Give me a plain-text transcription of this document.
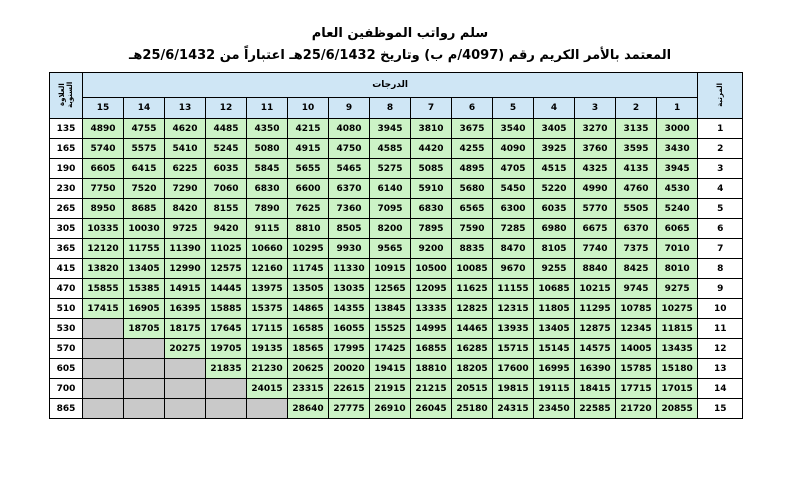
سلم رواتب الموظفين العام
المعتمد بالأمر الكريم رقم (4097/م ب) وتاريخ 25/6/1432هـ اعتباراً من 25/6/1432هـ
العلاوة السنوية	الدرجات															المرتبة
	15	14	13	12	11	10	9	8	7	6	5	4	3	2	1	
135	4890	4755	4620	4485	4350	4215	4080	3945	3810	3675	3540	3405	3270	3135	3000	1
165	5740	5575	5410	5245	5080	4915	4750	4585	4420	4255	4090	3925	3760	3595	3430	2
190	6605	6415	6225	6035	5845	5655	5465	5275	5085	4895	4705	4515	4325	4135	3945	3
230	7750	7520	7290	7060	6830	6600	6370	6140	5910	5680	5450	5220	4990	4760	4530	4
265	8950	8685	8420	8155	7890	7625	7360	7095	6830	6565	6300	6035	5770	5505	5240	5
305	10335	10030	9725	9420	9115	8810	8505	8200	7895	7590	7285	6980	6675	6370	6065	6
365	12120	11755	11390	11025	10660	10295	9930	9565	9200	8835	8470	8105	7740	7375	7010	7
415	13820	13405	12990	12575	12160	11745	11330	10915	10500	10085	9670	9255	8840	8425	8010	8
470	15855	15385	14915	14445	13975	13505	13035	12565	12095	11625	11155	10685	10215	9745	9275	9
510	17415	16905	16395	15885	15375	14865	14355	13845	13335	12825	12315	11805	11295	10785	10275	10
530		18705	18175	17645	17115	16585	16055	15525	14995	14465	13935	13405	12875	12345	11815	11
570			20275	19705	19135	18565	17995	17425	16855	16285	15715	15145	14575	14005	13435	12
605				21835	21230	20625	20020	19415	18810	18205	17600	16995	16390	15785	15180	13
700					24015	23315	22615	21915	21215	20515	19815	19115	18415	17715	17015	14
865						28640	27775	26910	26045	25180	24315	23450	22585	21720	20855	15
